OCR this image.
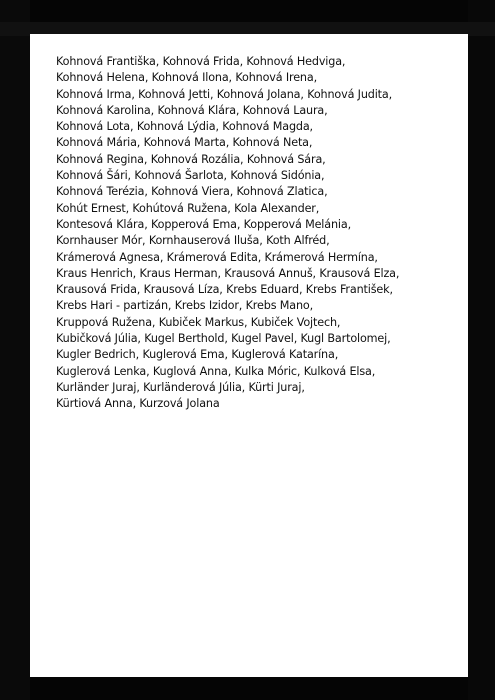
Kohnová Františka, Kohnová Frida, Kohnová Hedviga,
Kohnová Helena, Kohnová Ilona, Kohnová Irena,
Kohnová Irma, Kohnová Jetti, Kohnová Jolana, Kohnová Judita,
Kohnová Karolina, Kohnová Klára, Kohnová Laura,
Kohnová Lota, Kohnová Lýdia, Kohnová Magda,
Kohnová Mária, Kohnová Marta, Kohnová Neta,
Kohnová Regina, Kohnová Rozália, Kohnová Sára,
Kohnová Šári, Kohnová Šarlota, Kohnová Sidónia,
Kohnová Terézia, Kohnová Viera, Kohnová Zlatica,
Kohút Ernest, Kohútová Ružena, Kola Alexander,
Kontesová Klára, Kopperová Ema, Kopperová Melánia,
Kornhauser Mór, Kornhauserová Iluša, Koth Alfréd,
Krámerová Agnesa, Krámerová Edita, Krámerová Hermína,
Kraus Henrich, Kraus Herman, Krausová Annuš, Krausová Elza,
Krausová Frida, Krausová Líza, Krebs Eduard, Krebs František,
Krebs Hari - partizán, Krebs Izidor, Krebs Mano,
Kruppová Ružena, Kubiček Markus, Kubiček Vojtech,
Kubičková Júlia, Kugel Berthold, Kugel Pavel, Kugl Bartolomej,
Kugler Bedrich, Kuglerová Ema, Kuglerová Katarína,
Kuglerová Lenka, Kuglová Anna, Kulka Móric, Kulková Elsa,
Kurländer Juraj, Kurländerová Júlia, Kürti Juraj,
Kürtiová Anna, Kurzová Jolana
